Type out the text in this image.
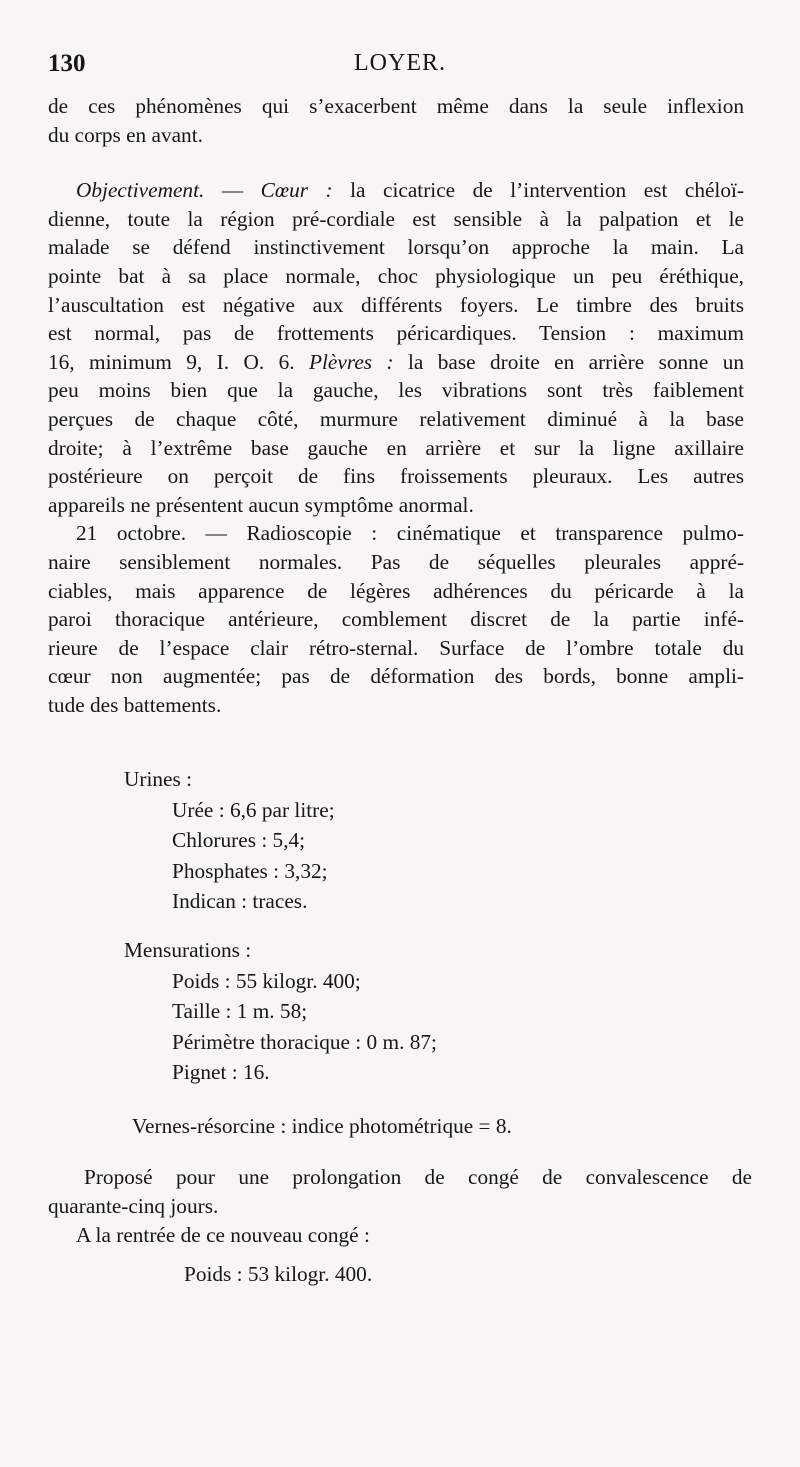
130	LOYER.
de ces phénomènes qui s’exacerbent même dans la seule inflexion
du corps en avant.
Objectivement. — Cœur : la cicatrice de l’intervention est chéloï-
dienne, toute la région pré-cordiale est sensible à la palpation et le
malade se défend instinctivement lorsqu’on approche la main. La
pointe bat à sa place normale, choc physiologique un peu éréthique,
l’auscultation est négative aux différents foyers. Le timbre des bruits
est normal, pas de frottements péricardiques. Tension : maximum
16, minimum 9, I. O. 6. Plèvres : la base droite en arrière sonne un
peu moins bien que la gauche, les vibrations sont très faiblement
perçues de chaque côté, murmure relativement diminué à la base
droite; à l’extrême base gauche en arrière et sur la ligne axillaire
postérieure on perçoit de fins froissements pleuraux. Les autres
appareils ne présentent aucun symptôme anormal.
21 octobre. — Radioscopie : cinématique et transparence pulmo-
naire sensiblement normales. Pas de séquelles pleurales appré-
ciables, mais apparence de légères adhérences du péricarde à la
paroi thoracique antérieure, comblement discret de la partie infé-
rieure de l’espace clair rétro-sternal. Surface de l’ombre totale du
cœur non augmentée; pas de déformation des bords, bonne ampli-
tude des battements.
Urines :
Urée : 6,6 par litre;
Chlorures : 5,4;
Phosphates : 3,32;
Indican : traces.
Mensurations :
Poids : 55 kilogr. 400;
Taille : 1 m. 58;
Périmètre thoracique : 0 m. 87;
Pignet : 16.
Vernes-résorcine : indice photométrique = 8.
Proposé pour une prolongation de congé de convalescence de
quarante-cinq jours.
A la rentrée de ce nouveau congé :
Poids : 53 kilogr. 400.
